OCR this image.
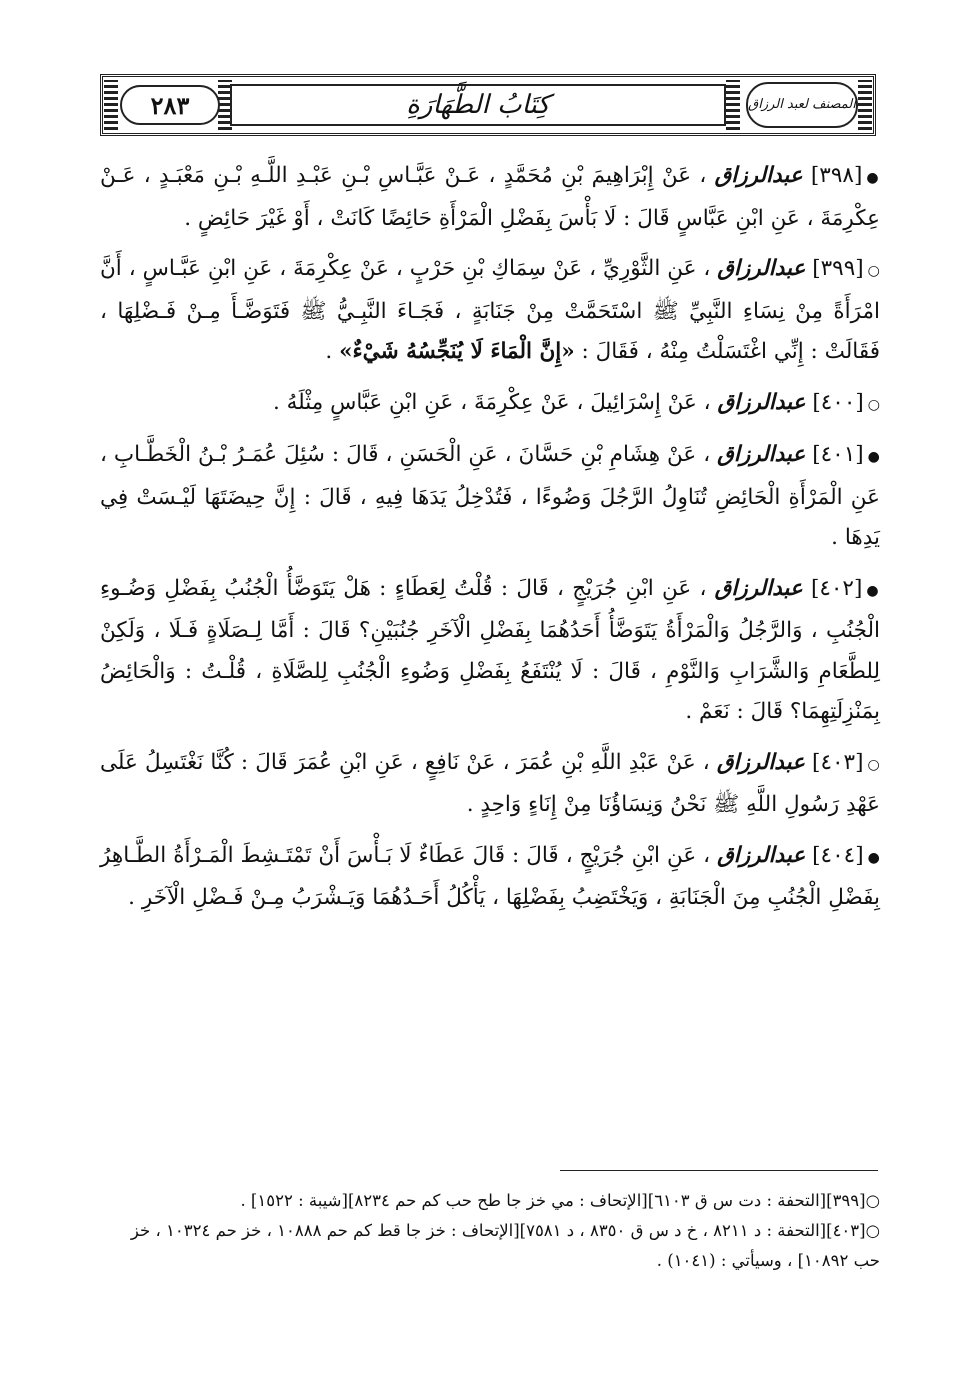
٢٨٣	كِتَابُ الطَّهَارَةِ	المصنف لعبد الرزاق

●[٣٩٨] عبدالرزاق ، عَنْ إِبْرَاهِيمَ بْنِ مُحَمَّدٍ ، عَـنْ عَبَّـاسِ بْـنِ عَبْـدِ اللَّـهِ بْـنِ مَعْبَـدٍ ، عَـنْ عِكْرِمَةَ ، عَنِ ابْنِ عَبَّاسٍ قَالَ : لَا بَأْسَ بِفَضْلِ الْمَرْأَةِ حَائِضًا كَانَتْ ، أَوْ غَيْرَ حَائِضٍ .

○[٣٩٩] عبدالرزاق ، عَنِ الثَّوْرِيِّ ، عَنْ سِمَاكِ بْنِ حَرْبٍ ، عَنْ عِكْرِمَةَ ، عَنِ ابْنِ عَبَّـاسٍ ، أَنَّ امْرَأَةً مِنْ نِسَاءِ النَّبِيِّ ﷺ اسْتَحَمَّتْ مِنْ جَنَابَةٍ ، فَجَـاءَ النَّبِـيُّ ﷺ فَتَوَضَّـأَ مِـنْ فَـضْلِهَا ، فَقَالَتْ : إِنِّي اغْتَسَلْتُ مِنْهُ ، فَقَالَ : «إِنَّ الْمَاءَ لَا يُنَجِّسُهُ شَيْءٌ» .

○[٤٠٠] عبدالرزاق ، عَنْ إِسْرَائِيلَ ، عَنْ عِكْرِمَةَ ، عَنِ ابْنِ عَبَّاسٍ مِثْلَهُ .

●[٤٠١] عبدالرزاق ، عَنْ هِشَامِ بْنِ حَسَّانَ ، عَنِ الْحَسَنِ ، قَالَ : سُئِلَ عُمَـرُ بْـنُ الْخَطَّـابِ ، عَنِ الْمَرْأَةِ الْحَائِضِ تُنَاوِلُ الرَّجُلَ وَضُوءًا ، فَتُدْخِلُ يَدَهَا فِيهِ ، قَالَ : إِنَّ حِيضَتَهَا لَيْـسَتْ فِي يَدِهَا .

●[٤٠٢] عبدالرزاق ، عَنِ ابْنِ جُرَيْجٍ ، قَالَ : قُلْتُ لِعَطَاءٍ : هَلْ يَتَوَضَّأُ الْجُنُبُ بِفَضْلِ وَضُـوءِ الْجُنُبِ ، وَالرَّجُلُ وَالْمَرْأَةُ يَتَوَضَّأُ أَحَدُهُمَا بِفَضْلِ الْآخَرِ جُنُبَيْنِ؟ قَالَ : أَمَّا لِـصَلَاةٍ فَـلَا ، وَلَكِنْ لِلطَّعَامِ وَالشَّرَابِ وَالنَّوْمِ ، قَالَ : لَا يُنْتَفَعُ بِفَضْلِ وَضُوءِ الْجُنُبِ لِلصَّلَاةِ ، قُلْـتُ : وَالْحَائِضُ بِمَنْزِلَتِهِمَا؟ قَالَ : نَعَمْ .

○[٤٠٣] عبدالرزاق ، عَنْ عَبْدِ اللَّهِ بْنِ عُمَرَ ، عَنْ نَافِعٍ ، عَنِ ابْنِ عُمَرَ قَالَ : كُنَّا نَغْتَسِلُ عَلَى عَهْدِ رَسُولِ اللَّهِ ﷺ نَحْنُ وَنِسَاؤُنَا مِنْ إِنَاءٍ وَاحِدٍ .

●[٤٠٤] عبدالرزاق ، عَنِ ابْنِ جُرَيْجٍ ، قَالَ : قَالَ عَطَاءٌ لَا بَـأْسَ أَنْ تَمْتَـشِطَ الْمَـرْأَةُ الطَّـاهِرُ بِفَضْلِ الْجُنُبِ مِنَ الْجَنَابَةِ ، وَيَخْتَضِبُ بِفَضْلِهَا ، يَأْكُلُ أَحَـدُهُمَا وَيَـشْرَبُ مِـنْ فَـضْلِ الْآخَرِ .

○[٣٩٩][التحفة : دت س ق ٦١٠٣][الإتحاف : مي خز جا طح حب كم حم ٨٢٣٤][شيبة : ١٥٢٢] .

○[٤٠٣][التحفة : د ٨٢١١ ، خ د س ق ٨٣٥٠ ، د ٧٥٨١][الإتحاف : خز جا قط كم حم ١٠٨٨٨ ، خز حم ١٠٣٢٤ ، خز حب ١٠٨٩٢] ، وسيأتي : (١٠٤١) .
